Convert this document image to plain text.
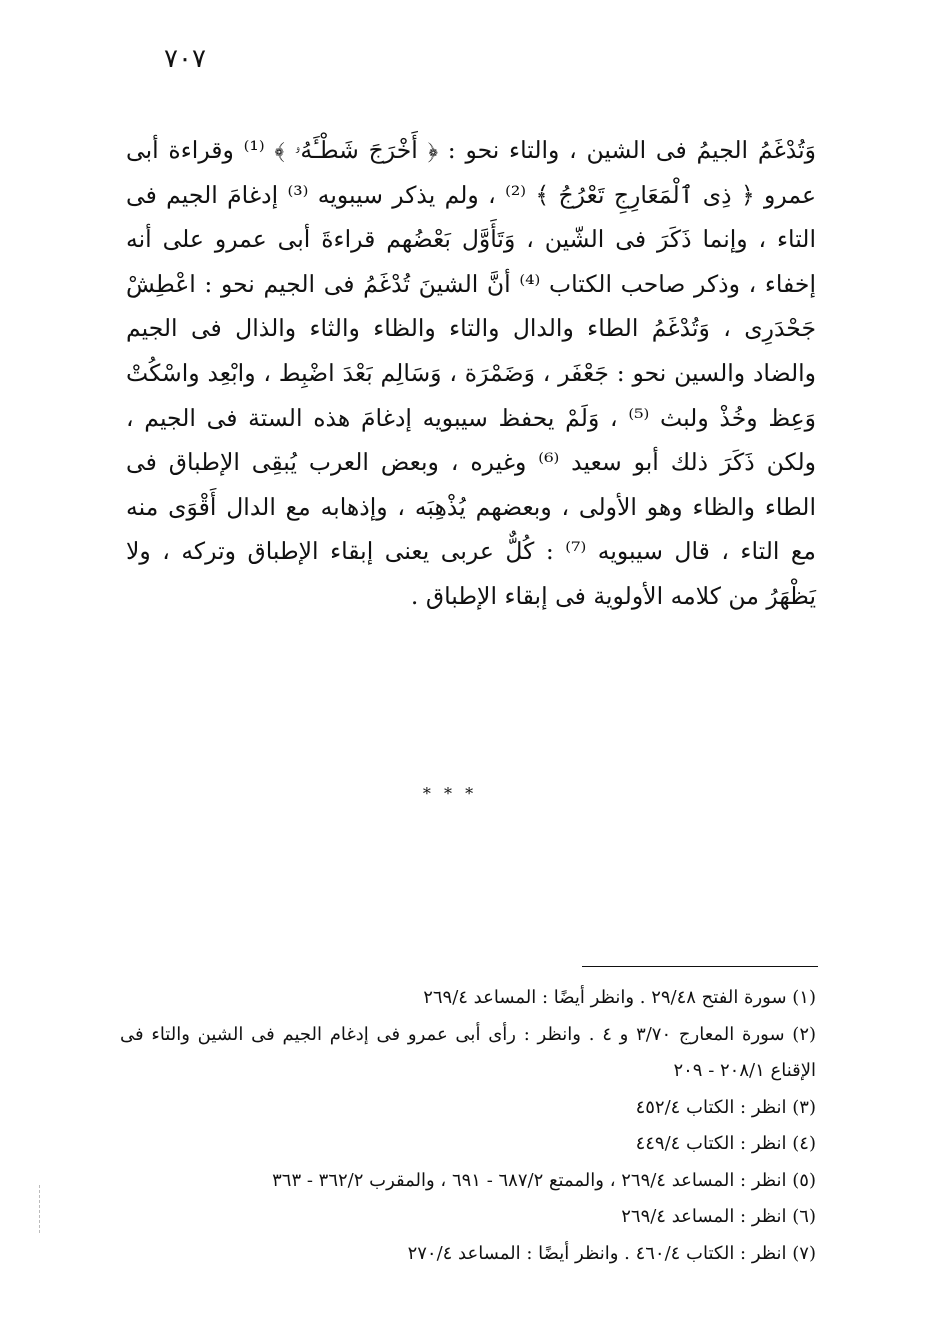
٧٠٧

وَتُدْغَمُ الجيمُ فى الشين ، والتاء نحو : ﴿ أَخْرَجَ شَطْـَٔهُۥ ﴾ ⁽¹⁾ وقراءة أبى عمرو ﴿ ذِى ٱلْمَعَارِجِ تَعْرُجُ ﴾ ⁽²⁾ ، ولم يذكر سيبويه ⁽³⁾ إدغامَ الجيم فى التاء ، وإنما ذَكَرَ فى الشّين ، وَتَأَوَّل بَعْضُهم قراءةَ أبى عمرو على أنه إخفاء ، وذكر صاحب الكتاب ⁽⁴⁾ أنَّ الشينَ تُدْغَمُ فى الجيم نحو : اعْطِشْ جَحْدَرِى ، وَتُدْغَمُ الطاء والدال والتاء والظاء والثاء والذال فى الجيم والضاد والسين نحو : جَعْفَر ، وَضَمْرَة ، وَسَالِم بَعْدَ اضْبِط ، وابْعِد واسْكُتْ وَعِظ وخُذْ ولبث ⁽⁵⁾ ، وَلَمْ يحفظ سيبويه إدغامَ هذه الستة فى الجيم ، ولكن ذَكَرَ ذلك أبو سعيد ⁽⁶⁾ وغيره ، وبعض العرب يُبقِى الإطباق فى الطاء والظاء وهو الأولى ، وبعضهم يُذْهِبَه ، وإذهابه مع الدال أَقْوَى منه مع التاء ، قال سيبويه ⁽⁷⁾ : كُلٌّ عربى يعنى إبقاء الإطباق وتركه ، ولا يَظْهَرُ من كلامه الأولوية فى إبقاء الإطباق .

* * *
(١) سورة الفتح ٢٩/٤٨ . وانظر أيضًا : المساعد ٢٦٩/٤
(٢) سورة المعارج ٣/٧٠ و ٤ . وانظر : رأى أبى عمرو فى إدغام الجيم فى الشين والتاء فى الإقناع ٢٠٨/١ - ٢٠٩
(٣) انظر : الكتاب ٤٥٢/٤
(٤) انظر : الكتاب ٤٤٩/٤
(٥) انظر : المساعد ٢٦٩/٤ ، والممتع ٦٨٧/٢ - ٦٩١ ، والمقرب ٣٦٢/٢ - ٣٦٣
(٦) انظر : المساعد ٢٦٩/٤
(٧) انظر : الكتاب ٤٦٠/٤ . وانظر أيضًا : المساعد ٢٧٠/٤
